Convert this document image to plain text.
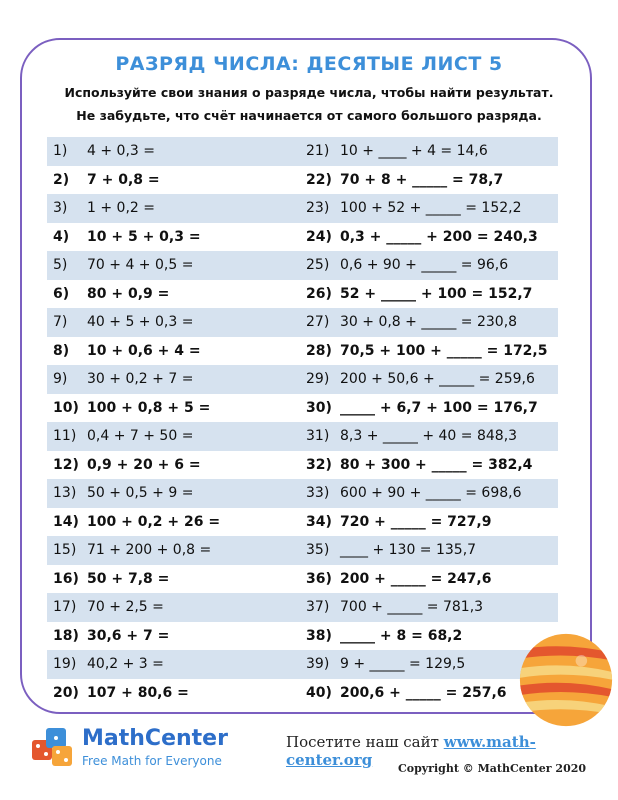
РАЗРЯД ЧИСЛА: ДЕСЯТЫЕ ЛИСТ 5
Используйте свои знания о разряде числа, чтобы найти результат.
Не забудьте, что счёт начинается от самого большого разряда.
1)	4 + 0,3 =
2)	7 + 0,8 =
3)	1 + 0,2 =
4)	10 + 5 + 0,3 =
5)	70 + 4 + 0,5 =
6)	80 + 0,9 =
7)	40 + 5 + 0,3 =
8)	10 + 0,6 + 4 =
9)	30 + 0,2 + 7 =
10) 100 + 0,8 + 5 =
11) 0,4 + 7 + 50 =
12) 0,9 + 20 + 6 =
13) 50 + 0,5 + 9 =
14) 100 + 0,2 + 26 =
15) 71 + 200 + 0,8 =
16) 50 + 7,8 =
17) 70 + 2,5 =
18) 30,6 + 7 =
19) 40,2 + 3 =
20) 107 + 80,6 =
21) 10 + ____ + 4 = 14,6
22) 70 + 8 + _____ = 78,7
23) 100 + 52 + _____ = 152,2
24) 0,3 + _____ + 200 = 240,3
25) 0,6 + 90 + _____ = 96,6
26) 52 + _____ + 100 = 152,7
27) 30 + 0,8 + _____ = 230,8
28) 70,5 + 100 + _____ = 172,5
29) 200 + 50,6 + _____ = 259,6
30) _____ + 6,7 + 100 = 176,7
31) 8,3 + _____ + 40 = 848,3
32) 80 + 300 + _____ = 382,4
33) 600 + 90 + _____ = 698,6
34) 720 + _____ = 727,9
35) ____ + 130 = 135,7
36) 200 + _____ = 247,6
37) 700 + _____ = 781,3
38) _____ + 8 = 68,2
39) 9 + _____ = 129,5
40) 200,6 + _____ = 257,6
MathCenter
Free Math for Everyone
Посетите наш сайт www.math-center.org	Copyright © MathCenter 2020
